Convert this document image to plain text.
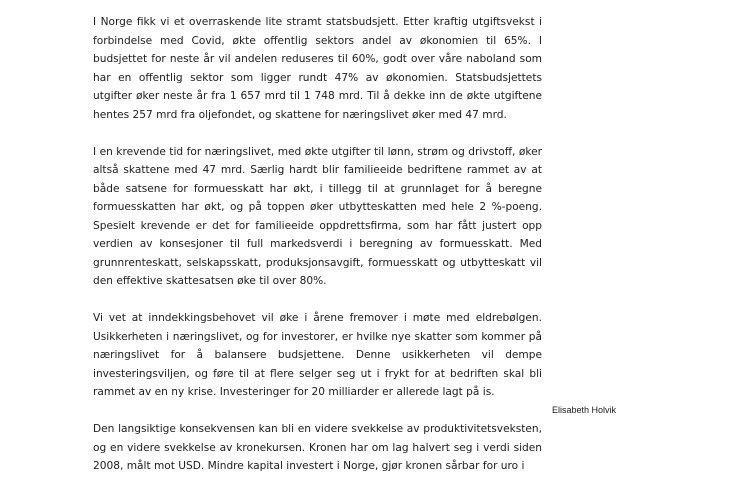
I Norge fikk vi et overraskende lite stramt statsbudsjett. Etter kraftig utgiftsvekst i forbindelse med Covid, økte offentlig sektors andel av økonomien til 65%. I budsjettet for neste år vil andelen reduseres til 60%, godt over våre naboland som har en offentlig sektor som ligger rundt 47% av økonomien. Statsbudsjettets utgifter øker neste år fra 1 657 mrd til 1 748 mrd. Til å dekke inn de økte utgiftene hentes 257 mrd fra oljefondet, og skattene for næringslivet øker med 47 mrd.

I en krevende tid for næringslivet, med økte utgifter til lønn, strøm og drivstoff, øker altså skattene med 47 mrd. Særlig hardt blir familieeide bedriftene rammet av at både satsene for formuesskatt har økt, i tillegg til at grunnlaget for å beregne formuesskatten har økt, og på toppen øker utbytteskatten med hele 2 %-poeng. Spesielt krevende er det for familieeide oppdrettsfirma, som har fått justert opp verdien av konsesjoner til full markedsverdi i beregning av formuesskatt. Med grunnrenteskatt, selskapsskatt, produksjonsavgift, formuesskatt og utbytteskatt vil den effektive skattesatsen øke til over 80%.

Vi vet at inndekkingsbehovet vil øke i årene fremover i møte med eldrebølgen. Usikkerheten i næringslivet, og for investorer, er hvilke nye skatter som kommer på næringslivet for å balansere budsjettene. Denne usikkerheten vil dempe investeringsviljen, og føre til at flere selger seg ut i frykt for at bedriften skal bli rammet av en ny krise. Investeringer for 20 milliarder er allerede lagt på is.

Den langsiktige konsekvensen kan bli en videre svekkelse av produktivitetsveksten, og en videre svekkelse av kronekursen. Kronen har om lag halvert seg i verdi siden 2008, målt mot USD. Mindre kapital investert i Norge, gjør kronen sårbar for uro i

Elisabeth Holvik
